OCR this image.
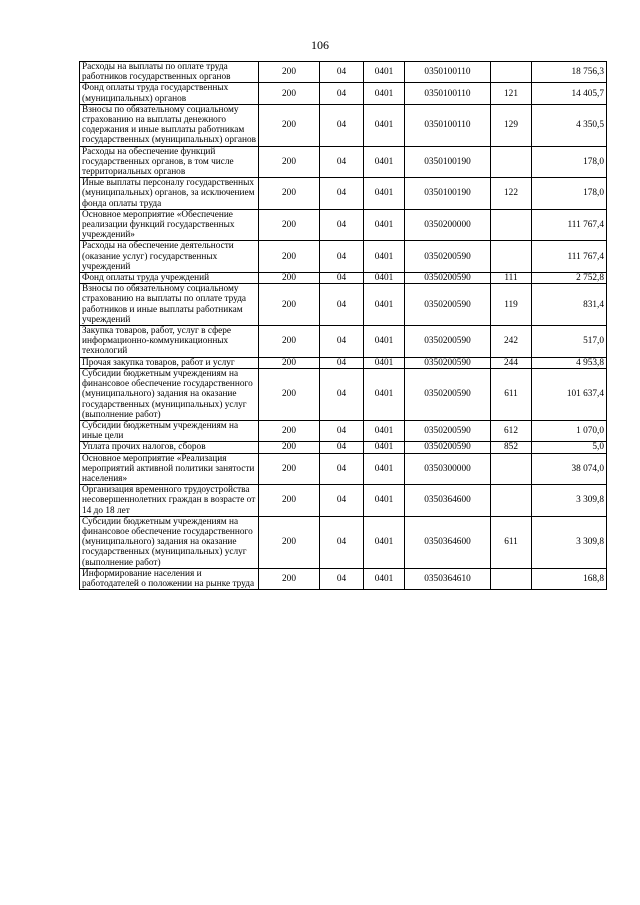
106
Расходы на выплаты по оплате труда работников государственных органов	200	04	0401	0350100110		18 756,3
Фонд оплаты труда государственных (муниципальных) органов	200	04	0401	0350100110	121	14 405,7
Взносы по обязательному социальному страхованию на выплаты денежного содержания и иные выплаты работникам государственных (муниципальных) органов	200	04	0401	0350100110	129	4 350,5
Расходы на обеспечение функций государственных органов, в том числе территориальных органов	200	04	0401	0350100190		178,0
Иные выплаты персоналу государственных (муниципальных) органов, за исключением фонда оплаты труда	200	04	0401	0350100190	122	178,0
Основное мероприятие «Обеспечение реализации функций государственных учреждений»	200	04	0401	0350200000		111 767,4
Расходы на обеспечение деятельности (оказание услуг) государственных учреждений	200	04	0401	0350200590		111 767,4
Фонд оплаты труда учреждений	200	04	0401	0350200590	111	2 752,8
Взносы по обязательному социальному страхованию на выплаты по оплате труда работников и иные выплаты работникам учреждений	200	04	0401	0350200590	119	831,4
Закупка товаров, работ, услуг в сфере информационно-коммуникационных технологий	200	04	0401	0350200590	242	517,0
Прочая закупка товаров, работ и услуг	200	04	0401	0350200590	244	4 953,8
Субсидии бюджетным учреждениям на финансовое обеспечение государственного (муниципального) задания на оказание государственных (муниципальных) услуг (выполнение работ)	200	04	0401	0350200590	611	101 637,4
Субсидии бюджетным учреждениям на иные цели	200	04	0401	0350200590	612	1 070,0
Уплата прочих налогов, сборов	200	04	0401	0350200590	852	5,0
Основное мероприятие «Реализация мероприятий активной политики занятости населения»	200	04	0401	0350300000		38 074,0
Организация временного трудоустройства несовершеннолетних граждан в возрасте от 14 до 18 лет	200	04	0401	0350364600		3 309,8
Субсидии бюджетным учреждениям на финансовое обеспечение государственного (муниципального) задания на оказание государственных (муниципальных) услуг (выполнение работ)	200	04	0401	0350364600	611	3 309,8
Информирование населения и работодателей о положении на рынке труда	200	04	0401	0350364610		168,8
